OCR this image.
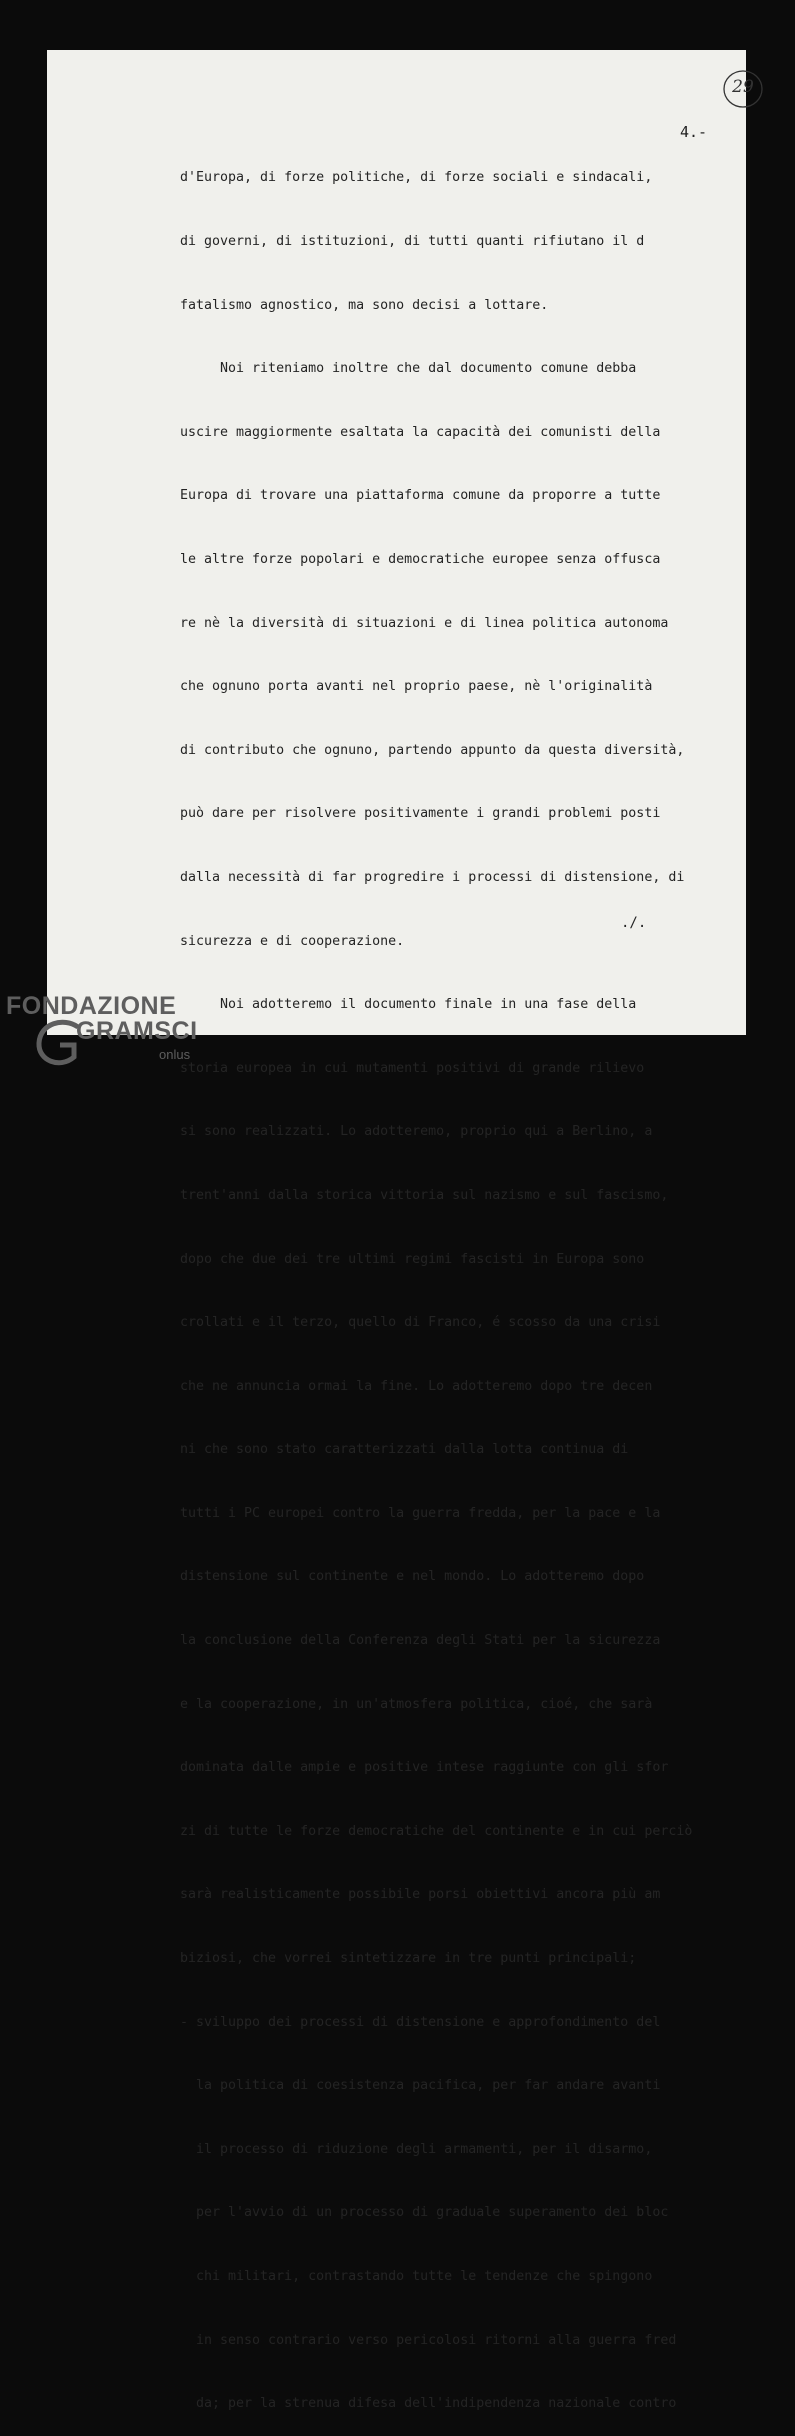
29
4.-

d'Europa, di forze politiche, di forze sociali e sindacali,

di governi, di istituzioni, di tutti quanti rifiutano il d

fatalismo agnostico, ma sono decisi a lottare.

Noi riteniamo inoltre che dal documento comune debba

uscire maggiormente esaltata la capacità dei comunisti della

Europa di trovare una piattaforma comune da proporre a tutte

le altre forze popolari e democratiche europee senza offusca

re nè la diversità di situazioni e di linea politica autonoma

che ognuno porta avanti nel proprio paese, nè l'originalità

di contributo che ognuno, partendo appunto da questa diversità,

può dare per risolvere positivamente i grandi problemi posti

dalla necessità di far progredire i processi di distensione, di

sicurezza e di cooperazione.

Noi adotteremo il documento finale in una fase della

storia europea in cui mutamenti positivi di grande rilievo

si sono realizzati. Lo adotteremo, proprio qui a Berlino, a

trent'anni dalla storica vittoria sul nazismo e sul fascismo,

dopo che due dei tre ultimi regimi fascisti in Europa sono

crollati e il terzo, quello di Franco, é scosso da una crisi

che ne annuncia ormai la fine. Lo adotteremo dopo tre decen

ni che sono stato caratterizzati dalla lotta continua di

tutti i PC europei contro la guerra fredda, per la pace e la

distensione sul continente e nel mondo. Lo adotteremo dopo

la conclusione della Conferenza degli Stati per la sicurezza

e la cooperazione, in un'atmosfera politica, cioé, che sarà

dominata dalle ampie e positive intese raggiunte con gli sfor

zi di tutte le forze democratiche del continente e in cui perciò

sarà realisticamente possibile porsi obiettivi ancora più am

biziosi, che vorrei sintetizzare in tre punti principali;

- sviluppo dei processi di distensione e approfondimento del

la politica di coesistenza pacifica, per far andare avanti

il processo di riduzione degli armamenti, per il disarmo,

per l'avvio di un processo di graduale superamento dei bloc

chi militari, contrastando tutte le tendenze che spingono

in senso contrario verso pericolosi ritorni alla guerra fred

da; per la strenua difesa dell'indipendenza nazionale contro

./.
FONDAZIONE
GRAMSCI
onlus
